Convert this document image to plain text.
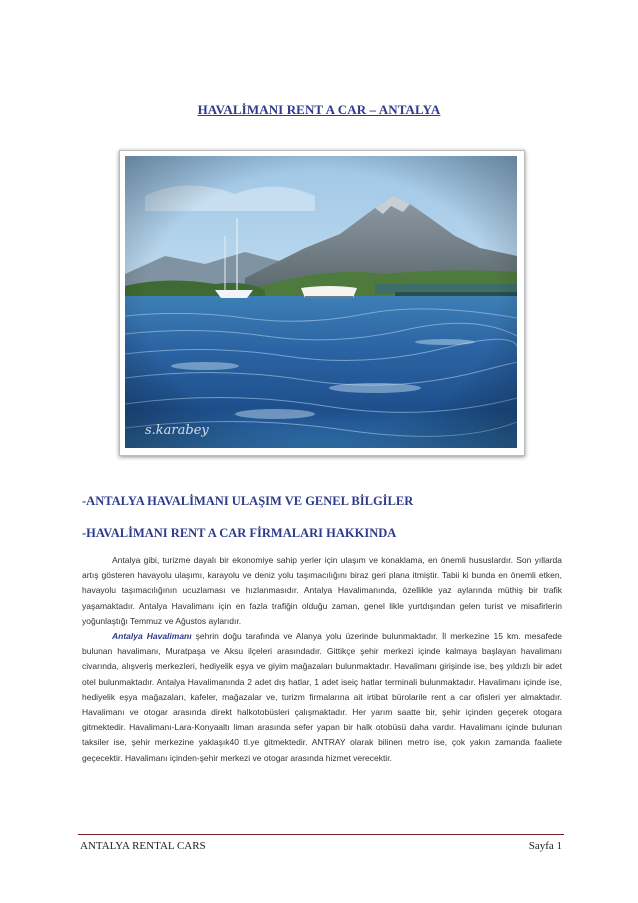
HAVALİMANI RENT A CAR – ANTALYA
s.karabey
-ANTALYA HAVALİMANI ULAŞIM VE GENEL BİLGİLER
-HAVALİMANI RENT A CAR FİRMALARI HAKKINDA

Antalya gibi, turizme dayalı bir ekonomiye sahip yerler için ulaşım ve konaklama, en önemli hususlardır. Son yıllarda artış gösteren havayolu ulaşımı, karayolu ve deniz yolu taşımacılığını biraz geri plana itmiştir. Tabii ki bunda en önemli etken, havayolu taşımacılığının ucuzlaması ve hızlanmasıdır. Antalya Havalimanında, özellikle yaz aylarında müthiş bir trafik yaşamaktadır. Antalya Havalimanı için en fazla trafiğin olduğu zaman, genel likle yurtdışından gelen turist ve misafirlerin yoğunlaştığı Temmuz ve Ağustos aylarıdır.

Antalya Havalimanı şehrin doğu tarafında ve Alanya yolu üzerinde bulunmaktadır. İl merkezine 15 km. mesafede bulunan havalimanı, Muratpaşa ve Aksu ilçeleri arasındadır. Gittikçe şehir merkezi içinde kalmaya başlayan havalimanı civarında, alışveriş merkezleri, hediyelik eşya ve giyim mağazaları bulunmaktadır. Havalimanı girişinde ise, beş yıldızlı bir adet otel bulunmaktadır. Antalya Havalimanında 2 adet dış hatlar, 1 adet iseiç hatlar terminali bulunmaktadır. Havalimanı içinde ise, hediyelik eşya mağazaları, kafeler, mağazalar ve, turizm firmalarına ait irtibat bürolarile rent a car ofisleri yer almaktadır. Havalimanı ve otogar arasında direkt halkotobüsleri çalışmaktadır. Her yarım saatte bir, şehir içinden geçerek otogara gitmektedir. Havalimanı-Lara-Konyaaltı liman arasında sefer yapan bir halk otobüsü daha vardır. Havalimanı içinde bulunan taksiler ise, şehir merkezine yaklaşık40 tl.ye gitmektedir. ANTRAY olarak bilinen metro ise, çok yakın zamanda faaliete geçecektir. Havalimanı içinden-şehir merkezi ve otogar arasında hizmet verecektir.

ANTALYA RENTAL CARS	Sayfa 1
